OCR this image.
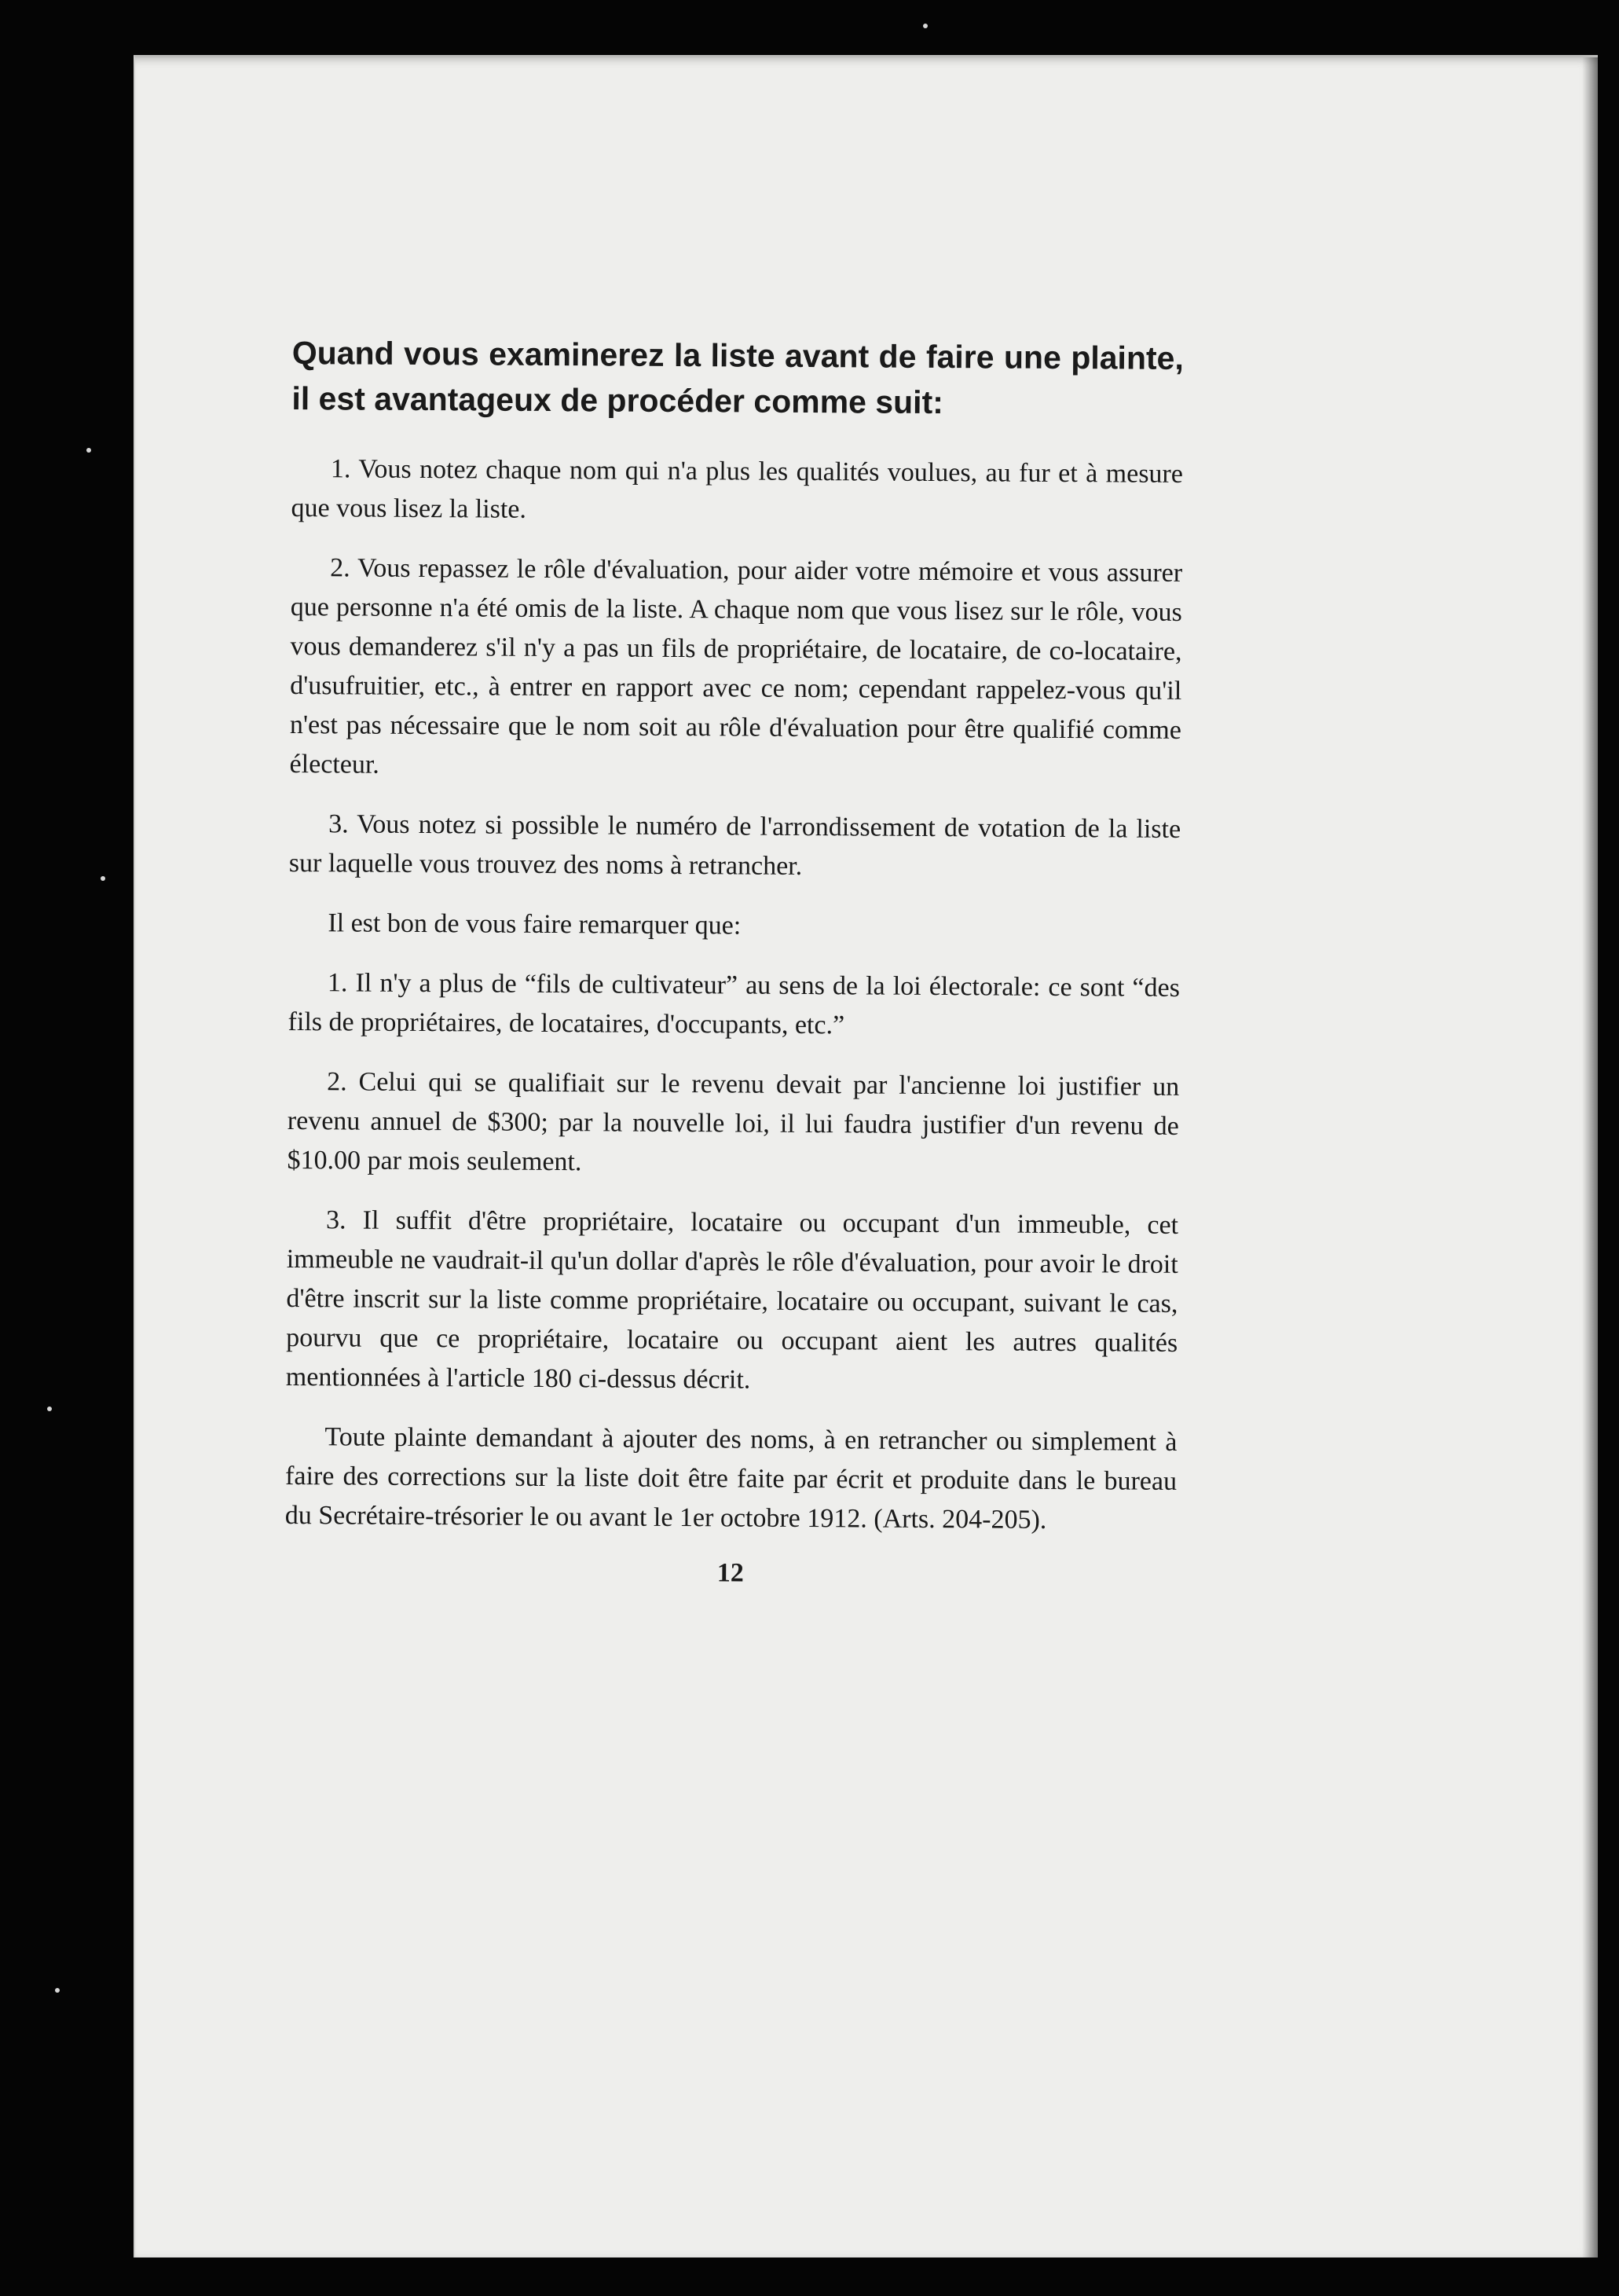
Quand vous examinerez la liste avant de faire une plainte, il est avantageux de procéder comme suit:

1. Vous notez chaque nom qui n'a plus les qualités voulues, au fur et à mesure que vous lisez la liste.

2. Vous repassez le rôle d'évaluation, pour aider votre mémoire et vous assurer que personne n'a été omis de la liste. A chaque nom que vous lisez sur le rôle, vous vous demanderez s'il n'y a pas un fils de propriétaire, de locataire, de co-locataire, d'usufruitier, etc., à entrer en rapport avec ce nom; cependant rappelez-vous qu'il n'est pas nécessaire que le nom soit au rôle d'évaluation pour être qualifié comme électeur.

3. Vous notez si possible le numéro de l'arrondissement de votation de la liste sur laquelle vous trouvez des noms à retrancher.

Il est bon de vous faire remarquer que:

1. Il n'y a plus de “fils de cultivateur” au sens de la loi électorale: ce sont “des fils de propriétaires, de locataires, d'occupants, etc.”

2. Celui qui se qualifiait sur le revenu devait par l'ancienne loi justifier un revenu annuel de $300; par la nouvelle loi, il lui faudra justifier d'un revenu de $10.00 par mois seulement.

3. Il suffit d'être propriétaire, locataire ou occupant d'un immeuble, cet immeuble ne vaudrait-il qu'un dollar d'après le rôle d'évaluation, pour avoir le droit d'être inscrit sur la liste comme propriétaire, locataire ou occupant, suivant le cas, pourvu que ce propriétaire, locataire ou occupant aient les autres qualités mentionnées à l'article 180 ci-dessus décrit.

Toute plainte demandant à ajouter des noms, à en retrancher ou simplement à faire des corrections sur la liste doit être faite par écrit et produite dans le bureau du Secrétaire-trésorier le ou avant le 1er octobre 1912. (Arts. 204-205).

12
